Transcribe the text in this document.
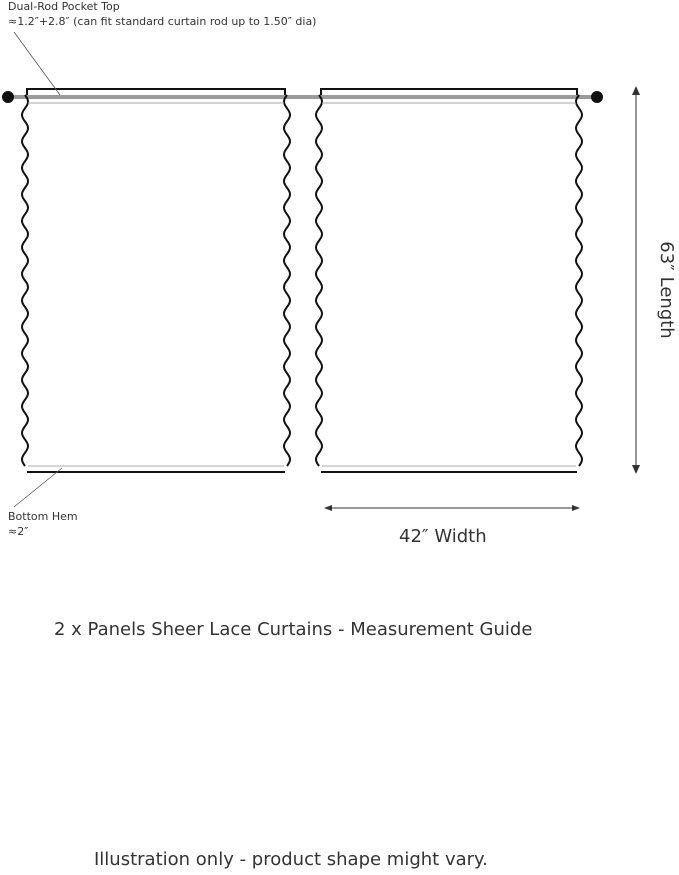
Dual-Rod Pocket Top
≈1.2″+2.8″ (can fit standard curtain rod up to 1.50″ dia)
Bottom Hem
≈2″	42″ Width
63″ Length
2 x Panels Sheer Lace Curtains - Measurement Guide
Illustration only - product shape might vary.
